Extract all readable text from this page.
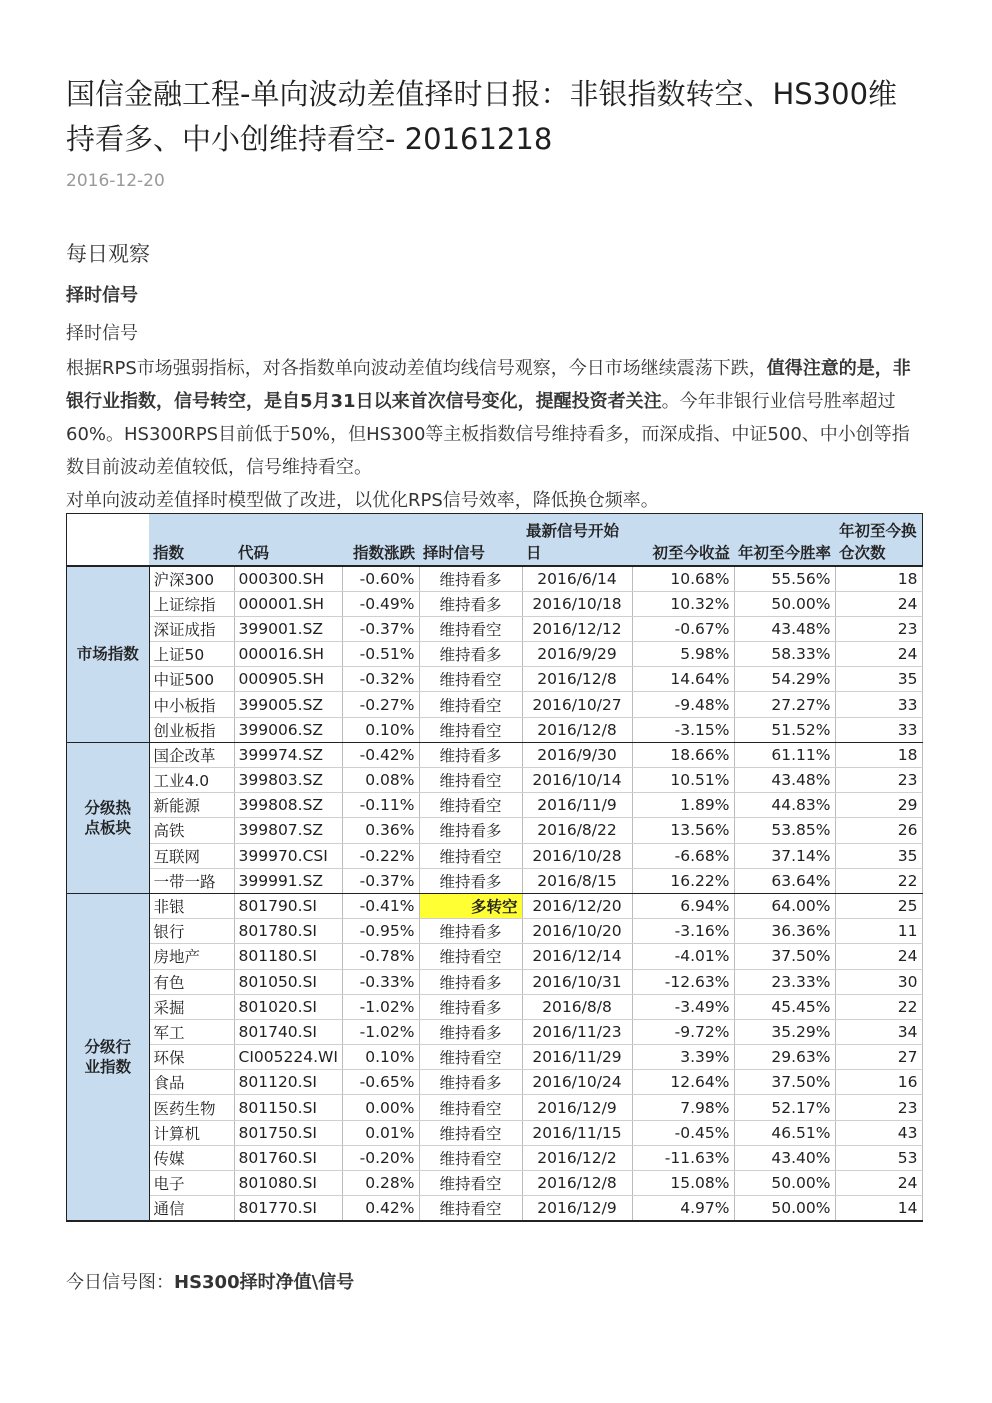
国信金融工程-单向波动差值择时日报：非银指数转空、HS300维持看多、中小创维持看空- 20161218
2016-12-20
每日观察
择时信号
择时信号
根据RPS市场强弱指标，对各指数单向波动差值均线信号观察，今日市场继续震荡下跌，值得注意的是，非银行业指数，信号转空，是自5月31日以来首次信号变化，提醒投资者关注。今年非银行业信号胜率超过60%。HS300RPS目前低于50%，但HS300等主板指数信号维持看多，而深成指、中证500、中小创等指数目前波动差值较低，信号维持看空。
对单向波动差值择时模型做了改进，以优化RPS信号效率，降低换仓频率。
	指数	代码	指数涨跌	择时信号	最新信号开始日	初至今收益	年初至今胜率	年初至今换仓次数
市场指数	沪深300	000300.SH	-0.60%	维持看多	2016/6/14	10.68%	55.56%	18
	上证综指	000001.SH	-0.49%	维持看多	2016/10/18	10.32%	50.00%	24
	深证成指	399001.SZ	-0.37%	维持看空	2016/12/12	-0.67%	43.48%	23
	上证50	000016.SH	-0.51%	维持看多	2016/9/29	5.98%	58.33%	24
	中证500	000905.SH	-0.32%	维持看空	2016/12/8	14.64%	54.29%	35
	中小板指	399005.SZ	-0.27%	维持看空	2016/10/27	-9.48%	27.27%	33
	创业板指	399006.SZ	0.10%	维持看空	2016/12/8	-3.15%	51.52%	33
分级热点板块	国企改革	399974.SZ	-0.42%	维持看多	2016/9/30	18.66%	61.11%	18
	工业4.0	399803.SZ	0.08%	维持看空	2016/10/14	10.51%	43.48%	23
	新能源	399808.SZ	-0.11%	维持看空	2016/11/9	1.89%	44.83%	29
	高铁	399807.SZ	0.36%	维持看多	2016/8/22	13.56%	53.85%	26
	互联网	399970.CSI	-0.22%	维持看空	2016/10/28	-6.68%	37.14%	35
	一带一路	399991.SZ	-0.37%	维持看多	2016/8/15	16.22%	63.64%	22
分级行业指数	非银	801790.SI	-0.41%	多转空	2016/12/20	6.94%	64.00%	25
	银行	801780.SI	-0.95%	维持看多	2016/10/20	-3.16%	36.36%	11
	房地产	801180.SI	-0.78%	维持看空	2016/12/14	-4.01%	37.50%	24
	有色	801050.SI	-0.33%	维持看多	2016/10/31	-12.63%	23.33%	30
	采掘	801020.SI	-1.02%	维持看多	2016/8/8	-3.49%	45.45%	22
	军工	801740.SI	-1.02%	维持看多	2016/11/23	-9.72%	35.29%	34
	环保	CI005224.WI	0.10%	维持看空	2016/11/29	3.39%	29.63%	27
	食品	801120.SI	-0.65%	维持看多	2016/10/24	12.64%	37.50%	16
	医药生物	801150.SI	0.00%	维持看空	2016/12/9	7.98%	52.17%	23
	计算机	801750.SI	0.01%	维持看空	2016/11/15	-0.45%	46.51%	43
	传媒	801760.SI	-0.20%	维持看空	2016/12/2	-11.63%	43.40%	53
	电子	801080.SI	0.28%	维持看空	2016/12/8	15.08%	50.00%	24
	通信	801770.SI	0.42%	维持看空	2016/12/9	4.97%	50.00%	14
今日信号图：HS300择时净值\信号
